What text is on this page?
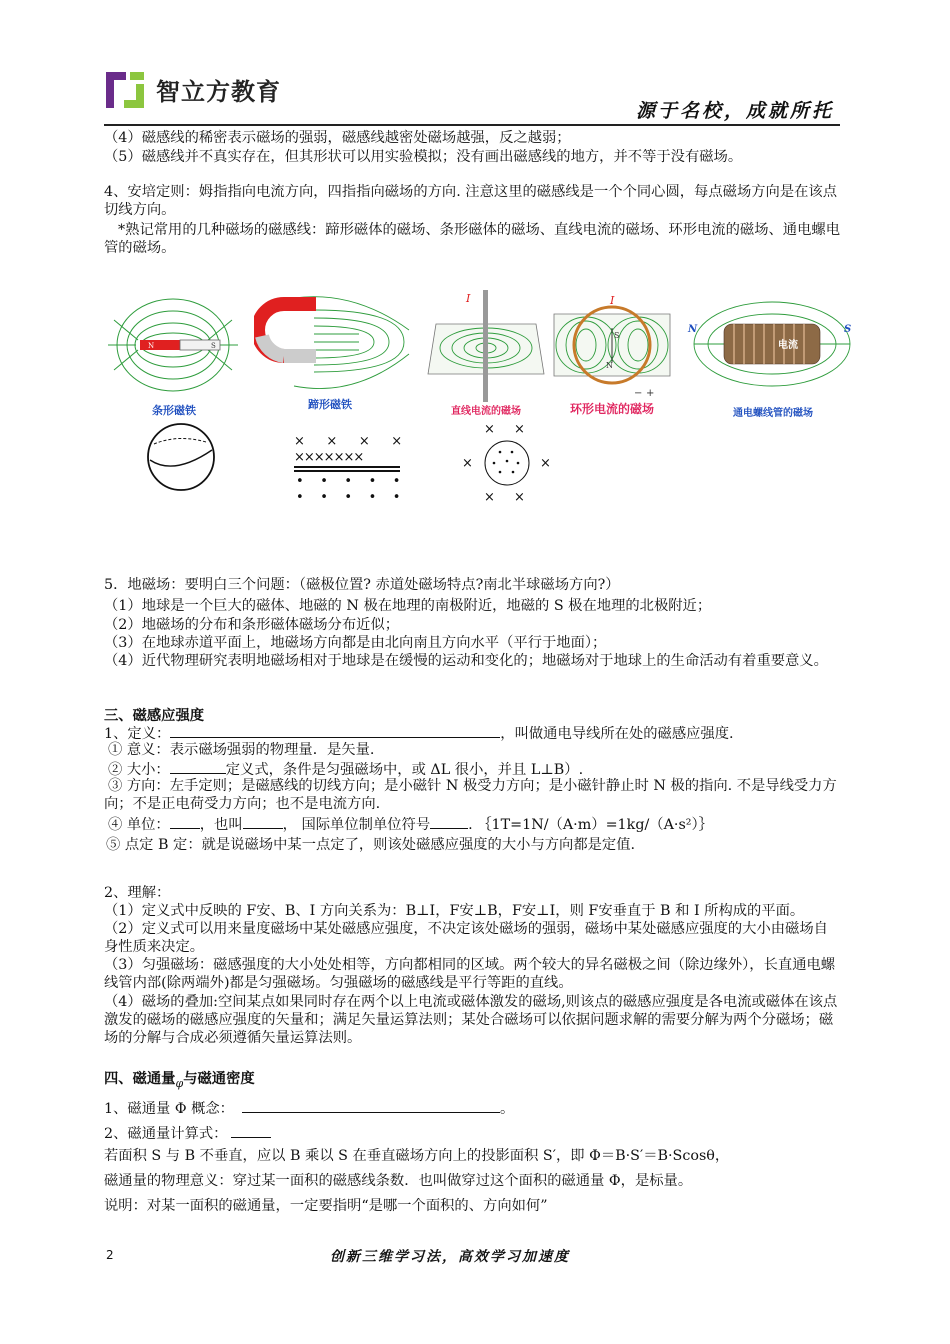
智立方教育
源于名校，成就所托
（4）磁感线的稀密表示磁场的强弱，磁感线越密处磁场越强，反之越弱；
（5）磁感线并不真实存在，但其形状可以用实验模拟；没有画出磁感线的地方，并不等于没有磁场。
4、安培定则：姆指指向电流方向，四指指向磁场的方向. 注意这里的磁感线是一个个同心圆，每点磁场方向是在该点切线方向。
*熟记常用的几种磁场的磁感线：蹄形磁体的磁场、条形磁体的磁场、直线电流的磁场、环形电流的磁场、通电螺电管的磁场。
N	S
条形磁铁	蹄形磁铁
I
直线电流的磁场
S
N
I
+
−
环形电流的磁场
电流
N	S
通电螺线管的磁场
×    ×    ×    ×
×××××××
•    •    •    •    •
•    •    •    •    •
× ×
×	×
× ×
5．地磁场：要明白三个问题：（磁极位置? 赤道处磁场特点?南北半球磁场方向?）
（1）地球是一个巨大的磁体、地磁的 N 极在地理的南极附近，地磁的 S 极在地理的北极附近；
（2）地磁场的分布和条形磁体磁场分布近似；
（3）在地球赤道平面上，地磁场方向都是由北向南且方向水平（平行于地面）；
（4）近代物理研究表明地磁场相对于地球是在缓慢的运动和变化的；地磁场对于地球上的生命活动有着重要意义。
三、磁感应强度
1、定义：	，叫做通电导线所在处的磁感应强度.
① 意义：表示磁场强弱的物理量．是矢量.
② 大小：	定义式，条件是匀强磁场中，或 ΔL 很小，并且 L⊥B）.
③ 方向：左手定则；是磁感线的切线方向；是小磁针 N 极受力方向；是小磁针静止时 N 极的指向. 不是导线受力方向；不是正电荷受力方向；也不是电流方向.
④ 单位： ，也叫	， 国际单位制单位符号	. ｛1T=1N/（A·m）=1kg/（A·s²）｝
⑤ 点定 B 定：就是说磁场中某一点定了，则该处磁感应强度的大小与方向都是定值.
2、理解：
（1）定义式中反映的 F安、B、I 方向关系为：B⊥I，F安⊥B，F安⊥I，则 F安垂直于 B 和 I 所构成的平面。
（2）定义式可以用来量度磁场中某处磁感应强度，不决定该处磁场的强弱，磁场中某处磁感应强度的大小由磁场自身性质来决定。
（3）匀强磁场：磁感强度的大小处处相等，方向都相同的区域。两个较大的异名磁极之间（除边缘外），长直通电螺线管内部(除两端外)都是匀强磁场。匀强磁场的磁感线是平行等距的直线。
（4）磁场的叠加:空间某点如果同时存在两个以上电流或磁体激发的磁场,则该点的磁感应强度是各电流或磁体在该点激发的磁场的磁感应强度的矢量和；满足矢量运算法则；某处合磁场可以依据问题求解的需要分解为两个分磁场；磁场的分解与合成必须遵循矢量运算法则。
四、磁通量$_\varphi$与磁通密度
1、磁通量 Φ 概念：	。
2、磁通量计算式：
若面积 S 与 B 不垂直，应以 B 乘以 S 在垂直磁场方向上的投影面积 S′，即 Φ＝B·S′＝B·Scosθ，
磁通量的物理意义：穿过某一面积的磁感线条数．也叫做穿过这个面积的磁通量 Φ，是标量。
说明：对某一面积的磁通量，一定要指明“是哪一个面积的、方向如何”
2	创新三维学习法，高效学习加速度
